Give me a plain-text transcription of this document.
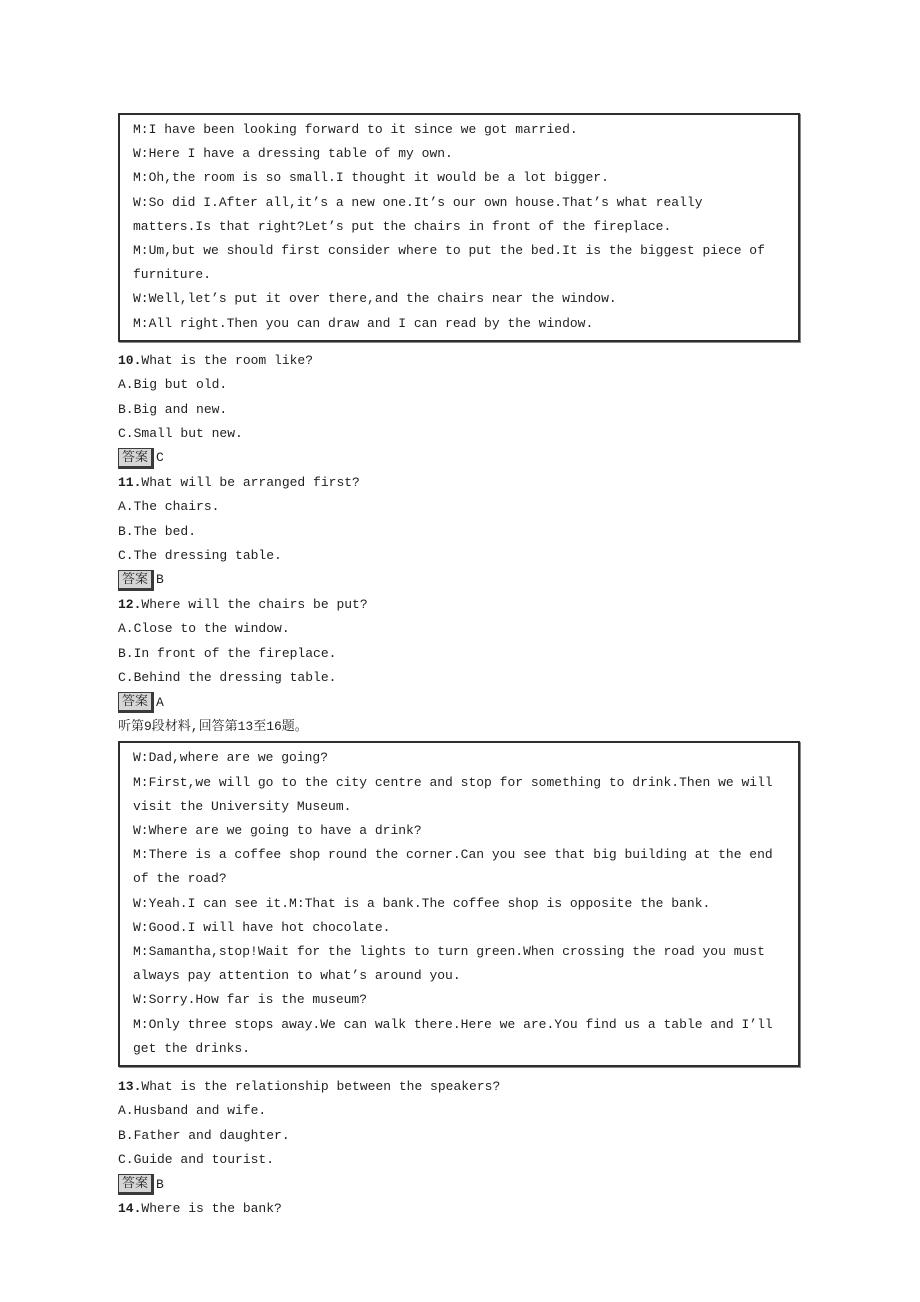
M:I have been looking forward to it since we got married.

W:Here I have a dressing table of my own.

M:Oh,the room is so small.I thought it would be a lot bigger.

W:So did I.After all,it’s a new one.It’s our own house.That’s what really matters.Is that right?Let’s put the chairs in front of the fireplace.

M:Um,but we should first consider where to put the bed.It is the biggest piece of furniture.

W:Well,let’s put it over there,and the chairs near the window.

M:All right.Then you can draw and I can read by the window.

10.What is the room like?
A.Big but old.
B.Big and new.
C.Small but new.
答案 C
11.What will be arranged first?
A.The chairs.
B.The bed.
C.The dressing table.
答案 B
12.Where will the chairs be put?
A.Close to the window.
B.In front of the fireplace.
C.Behind the dressing table.
答案 A
听第9段材料,回答第13至16题。

W:Dad,where are we going?

M:First,we will go to the city centre and stop for something to drink.Then we will visit the University Museum.

W:Where are we going to have a drink?

M:There is a coffee shop round the corner.Can you see that big building at the end of the road?

W:Yeah.I can see it.M:That is a bank.The coffee shop is opposite the bank.

W:Good.I will have hot chocolate.

M:Samantha,stop!Wait for the lights to turn green.When crossing the road you must always pay attention to what’s around you.

W:Sorry.How far is the museum?

M:Only three stops away.We can walk there.Here we are.You find us a table and I’ll get the drinks.

13.What is the relationship between the speakers?
A.Husband and wife.
B.Father and daughter.
C.Guide and tourist.
答案 B
14.Where is the bank?
